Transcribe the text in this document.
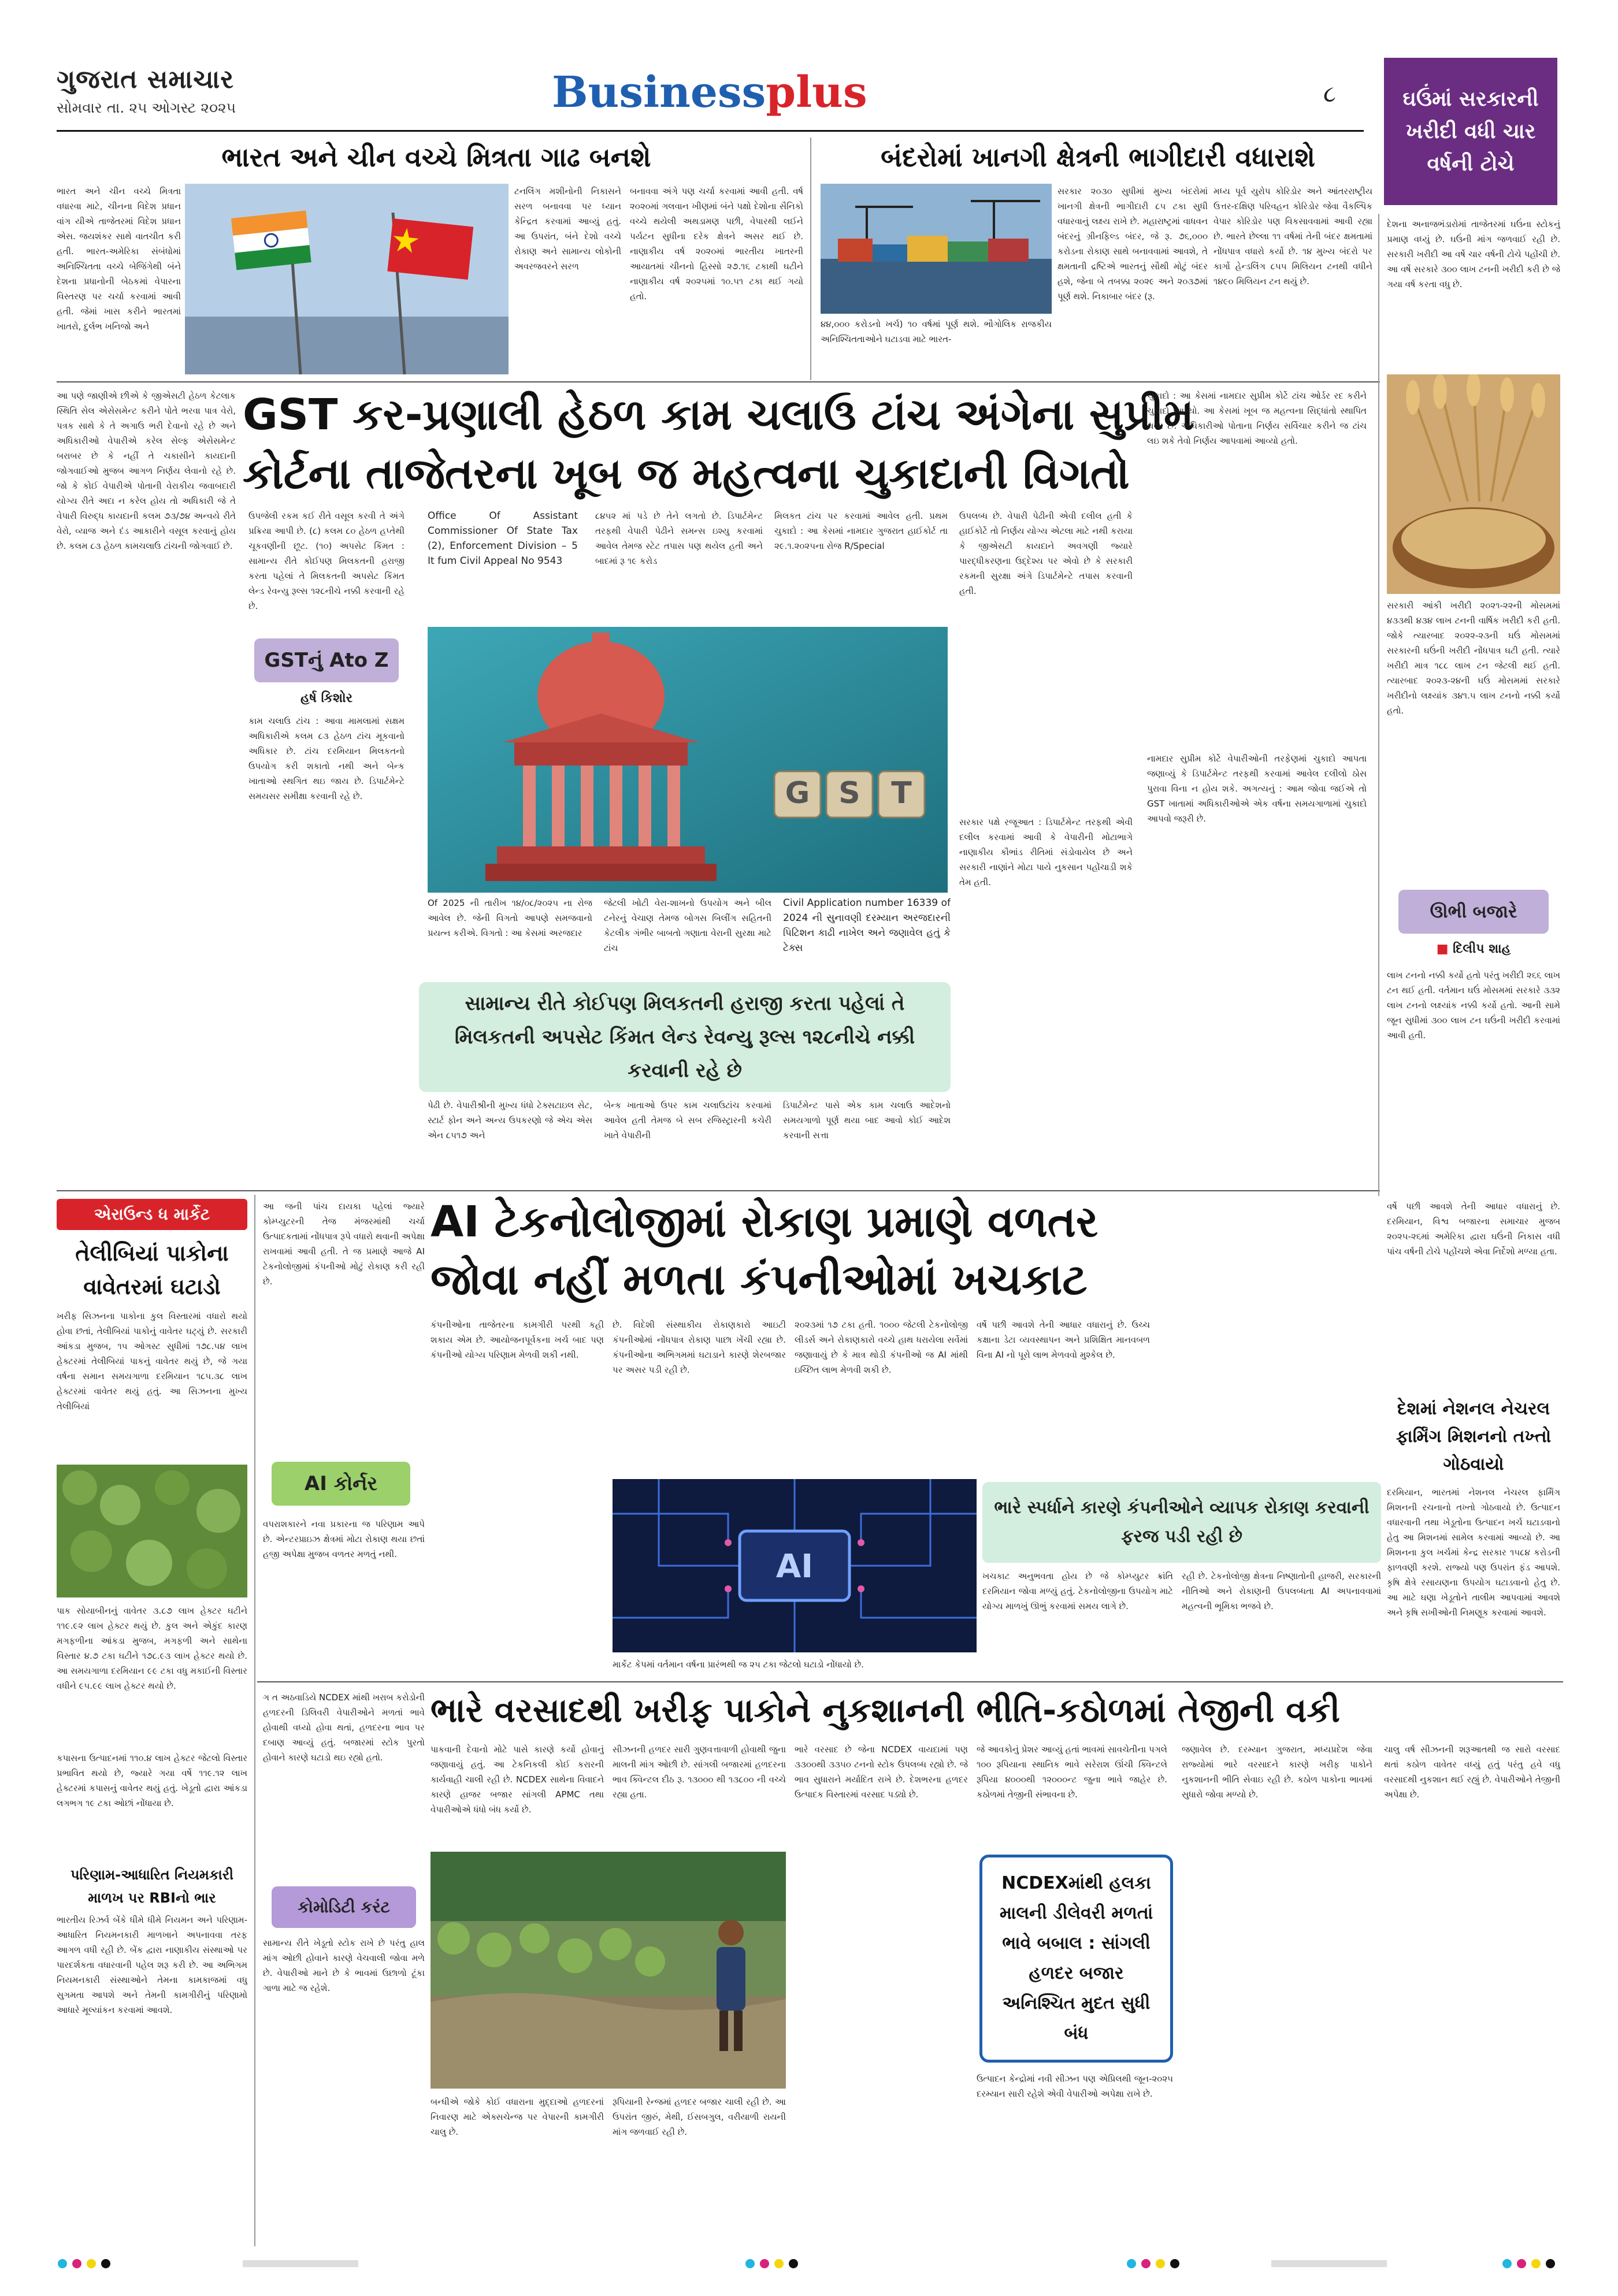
ગુજરાત સમાચાર
સોમવાર તા. ૨૫ ઓગસ્ટ ૨૦૨૫	Businessplus	૮	ઘઉંમાં સરકારની ખરીદી વધી ચાર વર્ષની ટોચે
ભારત અને ચીન વચ્ચે મિત્રતા ગાઢ બનશે
ભારત અને ચીન વચ્ચે મિત્રતા વધારવા માટે, ચીનના વિદેશ પ્રધાન વાંગ યીએ તાજેતરમાં વિદેશ પ્રધાન એસ. જયશંકર સાથે વાતચીત કરી હતી. ભારત-અમેરિકા સંબંધોમાં અનિશ્ચિતતા વચ્ચે બેજિંગેથી બંને દેશના પ્રધાનોની બેઠકમાં વેપારના વિસ્તરણ પર ચર્ચા કરવામાં આવી હતી. જેમાં ખાસ કરીને ભારતમાં ખાતરો, દુર્લભ ખનિજો અને
ટનલિંગ મશીનોની નિકાસને સરળ બનાવવા પર ધ્યાન કેન્દ્રિત કરવામાં આવ્યું હતું. આ ઉપરાંત, બંને દેશો વચ્ચે રોકાણ અને સામાન્ય લોકોની અવરજવરને સરળ
બનાવવા અંગે પણ ચર્ચા કરવામાં આવી હતી. વર્ષ ૨૦૨૦માં ગલવાન ખીણમાં બંને પક્ષો દેશોના સૈનિકો વચ્ચે થયેલી અથડામણ પછી, વેપારથી લઈને પર્યટન સુધીના દરેક ક્ષેત્રને અસર થઈ છે. નાણાકીય વર્ષ ૨૦૨૦માં ભારતીય ખાતરની આયાતમાં ચીનનો હિસ્સો ૨૭.૧૬ ટકાથી ઘટીને નાણાકીય વર્ષ ૨૦૨૫માં ૧૦.૫૧ ટકા થઈ ગયો હતો.
બંદરોમાં ખાનગી ક્ષેત્રની ભાગીદારી વધારાશે
સરકાર ૨૦૩૦ સુધીમાં મુખ્ય બંદરોમાં ખાનગી ક્ષેત્રની ભાગીદારી ૮૫ ટકા સુધી વધારવાનું લક્ષ્ય રાખે છે. મહારાષ્ટ્રમાં વાધવન બંદરનું ગ્રીનફિલ્ડ બંદર, જે રૂ. ૭૬,૦૦૦ કરોડના રોકાણ સાથે બનાવવામાં આવશે, તે ક્ષમતાની દ્રષ્ટિએ ભારતનું સૌથી મોટું બંદર હશે, જેના બે તબક્કા ૨૦૨૯ અને ૨૦૩૭માં પૂર્ણ થશે. નિકાબાર બંદર (રૂ.
૪૪,૦૦૦ કરોડનો ખર્ચ) ૧૦ વર્ષમાં પૂર્ણ થશે. ભૌગોલિક રાજકીય અનિશ્ચિતતાઓને ઘટાડવા માટે ભારત-
મધ્ય પૂર્વ યુરોપ કોરિડોર અને આંતરરાષ્ટ્રીય ઉત્તર-દક્ષિણ પરિવહન કોરિડોર જેવા વૈકલ્પિક વેપાર કોરિડોર પણ વિકસાવવામાં આવી રહ્યા છે. ભારતે છેલ્લા ૧૧ વર્ષમાં તેની બંદર ક્ષમતામાં નોંધપાત્ર વધારો કર્યો છે. ૧૪ મુખ્ય બંદરો પર કાર્ગો હેન્ડલિંગ ૮૫૫ મિલિયન ટનથી વધીને ૧૪૯૦ મિલિયન ટન થયું છે.
આ પણે જાણીએ છીએ કે જીએસટી હેઠળ કેટલાક સ્થિતિ સેલ એસેસમેન્ટ કરીને પોતે ભરવા પાત્ર વેરો, પત્રક સાથે કે તે અગાઉ ભરી દેવાનો રહે છે અને અધિકારીઓ વેપારીએ કરેલ સેલ્ફ એસેસમેન્ટ બરાબર છે કે નહીં તે ચકાસીને કાયદાની જોગવાઈઓ મુજબ આગળ નિર્ણય લેવાનો રહે છે. જો કે કોઈ વેપારીએ પોતાની વેરાકીય જવાબદારી યોગ્ય રીતે અદા ન કરેલ હોય તો અધિકારી જે તે વેપારી વિરુદ્ધ કાયદાની કલમ ૭૩/૭૪ અન્વયે રીતે વેરો, વ્યાજ અને દંડ આકારીને વસૂલ કરવાનું હોય છે. કલમ ૮૩ હેઠળ કામચલાઉ ટાંચની જોગવાઈ છે.
GST કર-પ્રણાલી હેઠળ કામ ચલાઉ ટાંચ અંગેના સુપ્રીમ
કોર્ટના તાજેતરના ખૂબ જ મહત્વના ચુકાદાની વિગતો
ઉપજેલી રકમ કઈ રીતે વસૂલ કરવી તે અંગે પ્રક્રિયા આપી છે. (૮) કલમ ૮૦ હેઠળ હપ્તેથી ચૂકવણીની છૂટ. (૧૦) અપસેટ કિંમત : સામાન્ય રીતે કોઈપણ મિલકતની હરાજી કરતા પહેલાં તે મિલકતની અપસેટ કિંમત લેન્ડ રેવન્યુ રૂલ્સ ૧૨૮નીચે નક્કી કરવાની રહે છે.
GSTનું Ato Z
હર્ષ કિશોર
કામ ચલાઉ ટાંચ : આવા મામલામાં સક્ષમ અધિકારીએ કલમ ૮૩ હેઠળ ટાંચ મૂકવાનો અધિકાર છે. ટાંચ દરમિયાન મિલકતનો ઉપયોગ કરી શકાતો નથી અને બેન્ક ખાતાઓ સ્થગિત થઇ જાય છે. ડિપાર્ટમેન્ટે સમયસર સમીક્ષા કરવાની રહે છે.
Office Of Assistant Commissioner Of State Tax (2), Enforcement Division – 5 It fum Civil Appeal No 9543
૮૪૫૨ માં પડે છે તેને લગતો છે. ડિપાર્ટમેન્ટ તરફથી વેપારી પેઢીને સમન્સ ઇશ્યુ કરવામાં આવેલ તેમજ સ્ટેટ તપાસ પણ થયેલ હતી અને બાદમાં રૂ ૧૯ કરોડ
મિલકત ટાંચ પર કરવામાં આવેલ હતી. પ્રથમ ચુકાદો : આ કેસમાં નામદાર ગુજરાત હાઈકોર્ટ તા ૨૯.૧.૨૦૨૫ના રોજ R/Special
ઉપલબ્ધ છે. વેપારી પેઢીની એવી દલીલ હતી કે હાઈકોર્ટે તો નિર્ણય યોગ્ય એટલા માટે નથી કરાયા કે જીએસટી કાયદાને અવગણી જ્યારે પારદ્ધીકરણના ઉદ્દેશ્ય પર એવો છે કે સરકારી રકમની સુરક્ષા અંગે ડિપાર્ટમેન્ટે તપાસ કરવાની હતી.
ચુકાદો : આ કેસમાં નામદાર સુપ્રીમ કોર્ટે ટાંચ ઓર્ડર રદ કરીને ચુકાદો આપ્યો. આ કેસમાં ખૂબ જ મહત્વના સિદ્ધાંતો સ્થાપિત થયા છે. અધિકારીઓ પોતાના નિર્ણય સર્વિચાર કરીને જ ટાંચ લઇ શકે તેવો નિર્ણય આપવામાં આવ્યો હતો.
G S T
Of 2025 ની તારીખ ૧૪/૦૮/૨૦૨૫ ના રોજ આવેલ છે. જેની વિગતો આપણે સમજવાનો પ્રયત્ન કરીએ. વિગતો : આ કેસમાં અરજદાર
જેટલી ખોટી વેરા-શાખનો ઉપયોગ અને બીલ ટનેરનું વેચાણ તેમજ બોગસ બિલીંગ સહિતની કેટલીક ગંભીર બાબતો ગણાતા વેરાની સુરક્ષા માટે ટાંચ
Civil Application number 16339 of 2024 ની સુનાવણી દરમ્યાન અરજદારની પિટિશન કાઢી નાખેલ અને જણાવેલ હતું કે ટેક્સ
સરકાર પક્ષે રજૂઆત : ડિપાર્ટમેન્ટ તરફથી એવી દલીલ કરવામાં આવી કે વેપારીની મોટાભાગે નાણાકીય કૌભાંડ રીતિમાં સંડોવાયેલ છે અને સરકારી નાણાંને મોટા પાયે નુકસાન પહોંચાડી શકે તેમ હતી.
નામદાર સુપ્રીમ કોર્ટે વેપારીઓની તરફેણમાં ચુકાદો આપતા જણાવ્યું કે ડિપાર્ટમેન્ટ તરફથી કરવામાં આવેલ દલીલો ઠોસ પુરાવા વિના ન હોય શકે. અગત્યનું : આમ જોવા જઈએ તો GST ખાતામાં અધિકારીઓએ એક વર્ષના સમયગાળામાં ચુકાદો આપવો જરૂરી છે.
સામાન્ય રીતે કોઈપણ મિલકતની હરાજી કરતા પહેલાં તે મિલકતની અપસેટ કિંમત લેન્ડ રેવન્યુ રૂલ્સ ૧૨૮નીચે નક્કી કરવાની રહે છે
પેઢી છે. વેપારીશ્રીની મુખ્ય ધંધો ટેક્સટાઇલ સેટ, સ્ટાર્ટ ફોન અને અન્ય ઉપકરણો જે એચ એસ એન ૮૫૧૭ અને
બેન્ક ખાતાઓ ઉપર કામ ચલાઉટાંચ કરવામાં આવેલ હતી તેમજ બે સબ રજિસ્ટ્રારની કચેરી ખાતે વેપારીની
ડિપાર્ટમેન્ટ પાસે એક કામ ચલાઉ આદેશનો સમયગાળો પૂર્ણ થયા બાદ આવો કોઈ આદેશ કરવાની સત્તા
એરાઉન્ડ ધ માર્કેટ
તેલીબિયાં પાકોના વાવેતરમાં ઘટાડો
ખરીફ સિઝનના પાકોના કુલ વિસ્તારમાં વધારો થયો હોવા છતાં, તેલીબિયાં પાકોનું વાવેતર ઘટ્યું છે. સરકારી આંકડા મુજબ, ૧૫ ઓગસ્ટ સુધીમાં ૧૭૮.૫૪ લાખ હેક્ટરમાં તેલીબિયાં પાકનું વાવેતર થયું છે, જે ગયા વર્ષના સમાન સમયગાળા દરમિયાન ૧૮૫.૩૮ લાખ હેક્ટરમાં વાવેતર થયું હતું. આ સિઝનના મુખ્ય તેલીબિયાં
પાક સોયાબીનનું વાવેતર ૩.૮૭ લાખ હેક્ટર ઘટીને ૧૧૯.૯૨ લાખ હેક્ટર થયું છે. કુલ અને એકુંદ કારણ મગફળીના આંકડા મુજબ, મગફળી અને સાથેના વિસ્તાર ૪.૭ ટકા ઘટીને ૧૭૮.૯૩ લાખ હેક્ટર થયો છે. આ સમયગાળા દરમિયાન ૯૯ ટકા વધુ મકાઈની વિસ્તાર વધીને ૯૫.૯૯ લાખ હેક્ટર થયો છે.
કપાસના ઉત્પાદનમાં ૧૧૦.૪ લાખ હેક્ટર જેટલો વિસ્તાર પ્રભાવિત થયો છે, જ્યારે ગયા વર્ષે ૧૧૯.૧૨ લાખ હેક્ટરમાં કપાસનું વાવેતર થયું હતું. ખેડૂતો દ્વારા આંકડા લગભગ ૧૯ ટકા ઓછાં નોંધાયા છે.
પરિણામ-આધારિત નિયમકારી માળખ પર RBIનો ભાર
ભારતીય રિઝર્વ બેંકે ધીમે ધીમે નિયમન અને પરિણામ-આધારિત નિયમનકારી માળખાને અપનાવવા તરફ આગળ વધી રહી છે. બેંક દ્વારા નાણાકીય સંસ્થાઓ પર પારદર્શકતા વધારવાની પહેલ શરૂ કરી છે. આ અભિગમ નિયમનકારી સંસ્થાઓને તેમના કામકાજમાં વધુ સુગમતા આપશે અને તેમની કામગીરીનું પરિણામો આધારે મૂલ્યાંકન કરવામાં આવશે.
આ જની પાંચ દાયકા પહેલાં જ્યારે કોમ્પ્યુટરની તેજ મંજરમાંથી ચર્ચા ઉત્પાદકતામાં નોંધપાત્ર રૂપે વધારો થવાની અપેક્ષા રાખવામાં આવી હતી. તે જ પ્રમાણે આજે AI ટેકનોલોજીમાં કંપનીઓ મોટું રોકાણ કરી રહી છે.
AI કોર્નર
વપરાશકારને નવા પ્રકારના જ પરિણામ આપે છે. એન્ટરપ્રાઇઝ ક્ષેત્રમાં મોટા રોકાણ થયા છતાં હજી અપેક્ષા મુજબ વળતર મળતું નથી.
AI ટેકનોલોજીમાં રોકાણ પ્રમાણે વળતર
જોવા નહીં મળતા કંપનીઓમાં ખચકાટ
કંપનીઓના તાજેતરના કામગીરી પરથી કહી શકાય એમ છે. આયોજનપૂર્વકના ખર્ચ બાદ પણ કંપનીઓ યોગ્ય પરિણામ મેળવી શકી નથી.
છે. વિદેશી સંસ્થાકીય રોકાણકારો આઇટી કંપનીઓમાં નોંધપાત્ર રોકાણ પાછા ખેંચી રહ્યા છે. કંપનીઓના અભિગમમાં ઘટાડાને કારણે શેરબજાર પર અસર પડી રહી છે.
૨૦૨૩માં ૧૭ ટકા હતી. ૧૦૦૦ જેટલી ટેકનોલોજી લીડર્સ અને રોકાણકારો વચ્ચે હાથ ધરાયેલા સર્વેમાં જણાવાયું છે કે માત્ર થોડી કંપનીઓ જ AI માંથી ઇચ્છિત લાભ મેળવી શકી છે.
વર્ષે પછી આવશે તેની આધાર વધારાનું છે. ઉચ્ચ કક્ષાના ડેટા વ્યવસ્થાપન અને પ્રશિક્ષિત માનવબળ વિના AI નો પૂરો લાભ મેળવવો મુશ્કેલ છે.
AI
માર્કેટ કેપમાં વર્તમાન વર્ષના પ્રારંભથી જ ૨૫ ટકા જેટલો ઘટાડો નોંધાયો છે.
ભારે સ્પર્ધાને કારણે કંપનીઓને વ્યાપક રોકાણ કરવાની ફરજ પડી રહી છે
ખચકાટ અનુભવતા હોય છે જે કોમ્પ્યુટર ક્રાંતિ દરમિયાન જોવા મળ્યું હતું. ટેકનોલોજીના ઉપયોગ માટે યોગ્ય માળખું ઊભું કરવામાં સમય લાગે છે.
રહી છે. ટેકનોલોજી ક્ષેત્રના નિષ્ણાતોની હાજરી, સરકારની નીતિઓ અને રોકાણની ઉપલબ્ધતા AI અપનાવવામાં મહત્વની ભૂમિકા ભજવે છે.
દેશના અનાજભંડારોમાં તાજેતરમાં ઘઉંના સ્ટોકનું પ્રમાણ વધ્યું છે. ઘઉંની માંગ જળવાઈ રહી છે. સરકારી ખરીદી આ વર્ષે ચાર વર્ષની ટોચે પહોંચી છે. આ વર્ષે સરકારે ૩૦૦ લાખ ટનની ખરીદી કરી છે જે ગયા વર્ષ કરતા વધુ છે.
સરકારી આંકી ખરીદી ૨૦૨૧-૨૨ની મોસમમાં ૪૩૩થી ૪૩૪ લાખ ટનની વાર્ષિક ખરીદી કરી હતી. જોકે ત્યારબાદ ૨૦૨૨-૨૩ની ઘઉં મોસમમાં સરકારની ઘઉંની ખરીદી નોંધપાત્ર ઘટી હતી. ત્યારે ખરીદી માત્ર ૧૮૮ લાખ ટન જેટલી થઈ હતી. ત્યારબાદ ૨૦૨૩-૨૪ની ઘઉં મોસમમાં સરકારે ખરીદીનો લક્ષ્યાંક ૩૪૧.૫ લાખ ટનનો નક્કી કર્યો હતો.
ઊભી બજારે
■ દિલીપ શાહ
લાખ ટનનો નક્કી કર્યો હતો પરંતુ ખરીદી ૨૬૬ લાખ ટન થઈ હતી. વર્તમાન ઘઉં મોસમમાં સરકારે ૩૩૨ લાખ ટનનો લક્ષ્યાંક નક્કી કર્યો હતો. આની સામે જૂન સુધીમાં ૩૦૦ લાખ ટન ઘઉંની ખરીદી કરવામાં આવી હતી.
વર્ષે પછી આવશે તેની આધાર વધારાનું છે. દરમિયાન, વિશ્વ બજારના સમાચાર મુજબ ૨૦૨૫-૨૬માં અમેરિકા દ્વારા ઘઉંની નિકાસ વધી પાંચ વર્ષની ટોચે પહોંચશે એવા નિર્દેશો મળ્યા હતા.
દેશમાં નેશનલ નેચરલ ફાર્મિંગ મિશનનો તખ્તો ગોઠવાયો
દરમિયાન, ભારતમાં નેશનલ નેચરલ ફાર્મિંગ મિશનની રચનાનો તખ્તો ગોઠવાયો છે. ઉત્પાદન વધારવાની તથા ખેડૂતોના ઉત્પાદન ખર્ચ ઘટાડવાનો હેતુ આ મિશનમાં સામેલ કરવામાં આવ્યો છે. આ મિશનના કુલ ખર્ચમાં કેન્દ્ર સરકાર ૧૫૮૪ કરોડની ફાળવણી કરશે. રાજ્યો પણ ઉપરાંત ફંડ આપશે. કૃષિ ક્ષેત્રે રસાયણના ઉપયોગ ઘટાડવાનો હેતુ છે. આ માટે ઘણા ખેડૂતોને તાલીમ આપવામાં આવશે અને કૃષિ સખીઓની નિમણૂક કરવામાં આવશે.
ગ ત અઠવાડિયે NCDEX માંથી ખરાબ કરોડોની હળદરની ડિલિવરી વેપારીઓને મળતાં ભાવે હોવાથી વધ્યો હોવા થતાં, હળદરના ભાવ પર દબાણ આવ્યું હતું. બજારમાં સ્ટોક પુરતો હોવાને કારણે ઘટાડો થઇ રહ્યો હતો.
કોમોડિટી કરંટ
સામાન્ય રીતે ખેડૂતો સ્ટોક રાખે છે પરંતુ હાલ માંગ ઓછી હોવાને કારણે વેચવાલી જોવા મળે છે. વેપારીઓ માને છે કે ભાવમાં ઉછાળો ટૂંકા ગાળા માટે જ રહેશે.
ભારે વરસાદથી ખરીફ પાકોને નુકશાનની ભીતિ-કઠોળમાં તેજીની વકી
પાકવાની દેવાનો મોટે પાસે કારણે કર્યો હોવાનું જણાવાયું હતું. આ ટેકનિકલી કોઈ કરારની કાર્યવાહી ચાલી રહી છે. NCDEX સાથેના વિવાદને કારણે હાજર બજાર સાંગલી APMC તથા વેપારીઓએ ધંધો બંધ કર્યો છે.
સીઝનની હળદર સારી ગુણવત્તાવાળી હોવાથી જુના માલની માંગ ઓછી છે. સાંગલી બજારમાં હળદરના ભાવ ક્વિન્ટલ દીઠ રૂ. ૧૩૦૦૦ થી ૧૩૮૦૦ ની વચ્ચે રહ્યા હતા.
ભારે વરસાદ છે જેના NCDEX વાયદામાં પણ ૩૩૦૦થી ૩૩૫૦ ટનનો સ્ટોક ઉપલબ્ધ રહ્યો છે. જે ભાવ સુધારાને મર્યાદિત રાખે છે. દેશભરના હળદર ઉત્પાદક વિસ્તારમાં વરસાદ પડ્યો છે.
જે આવકોનું પ્રેશર આવ્યું હતાં ભાવમાં સાવચેતીના પગલે ૧૦૦ રૂપિયાના સ્થાનિક ભાવે સરેરાશ ઊંચી ક્વિન્ટલે રૂપિયા ૪૦૦૦થી ૧૨૦૦૦ન્ટ જુના ભાવે જાહેર છે. કઠોળમાં તેજીની સંભાવના છે.
જણાવેલ છે. દરમ્યાન ગુજરાત, મધ્યપ્રદેશ જેવા રાજ્યોમાં ભારે વરસાદને કારણે ખરીફ પાકોને નુકશાનની ભીતિ સેવાઇ રહી છે. કઠોળ પાકોના ભાવમાં સુધારો જોવા મળ્યો છે.
ચાલુ વર્ષ સીઝનની શરૂઆતથી જ સારો વરસાદ થતાં કઠોળ વાવેતર વધ્યું હતું પરંતુ હવે વધુ વરસાદથી નુકશાન થઈ રહ્યું છે. વેપારીઓને તેજીની અપેક્ષા છે.
બન્ધીએ જોકે કોઈ વધારાના મુદ્દાઓ હળદરનાં નિવારણ માટે એક્સચેન્જ પર વેપારની કામગીરી ચાલુ છે.
રૂપિયાની રેન્જમાં હળદર બજાર ચાલી રહી છે. આ ઉપરાંત જીરું, મેથી, ઈસબગુલ, વરીયાળી રાયની માંગ જળવાઈ રહી છે.
NCDEXમાંથી હલકા માલની ડીલેવરી મળતાં ભાવે બબાલ : સાંગલી હળદર બજાર અનિશ્ચિત મુદત સુધી બંધ
ઉત્પાદન કેન્દ્રોમાં નવી સીઝન પણ એપ્રિલથી જૂન-૨૦૨૫ દરમ્યાન સારી રહેશે એવી વેપારીઓ અપેક્ષા રાખે છે.
